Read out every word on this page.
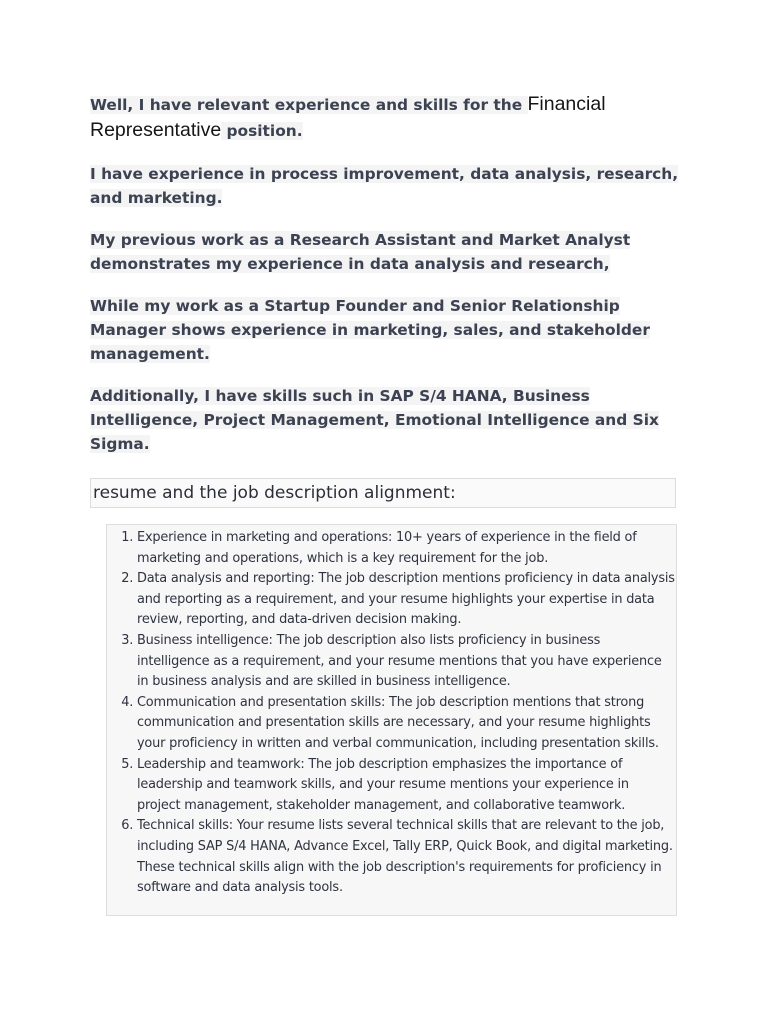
Well, I have relevant experience and skills for the Financial
Representative position.

I have experience in process improvement, data analysis, research, and marketing.

My previous work as a Research Assistant and Market Analyst demonstrates my experience in data analysis and research,

While my work as a Startup Founder and Senior Relationship Manager shows experience in marketing, sales, and stakeholder management.

Additionally, I have skills such in SAP S/4 HANA, Business Intelligence, Project Management, Emotional Intelligence and Six Sigma.

resume and the job description alignment:
1. Experience in marketing and operations: 10+ years of experience in the field of marketing and operations, which is a key requirement for the job.
2. Data analysis and reporting: The job description mentions proficiency in data analysis and reporting as a requirement, and your resume highlights your expertise in data review, reporting, and data-driven decision making.
3. Business intelligence: The job description also lists proficiency in business intelligence as a requirement, and your resume mentions that you have experience in business analysis and are skilled in business intelligence.
4. Communication and presentation skills: The job description mentions that strong communication and presentation skills are necessary, and your resume highlights your proficiency in written and verbal communication, including presentation skills.
5. Leadership and teamwork: The job description emphasizes the importance of leadership and teamwork skills, and your resume mentions your experience in project management, stakeholder management, and collaborative teamwork.
6. Technical skills: Your resume lists several technical skills that are relevant to the job, including SAP S/4 HANA, Advance Excel, Tally ERP, Quick Book, and digital marketing. These technical skills align with the job description's requirements for proficiency in software and data analysis tools.
